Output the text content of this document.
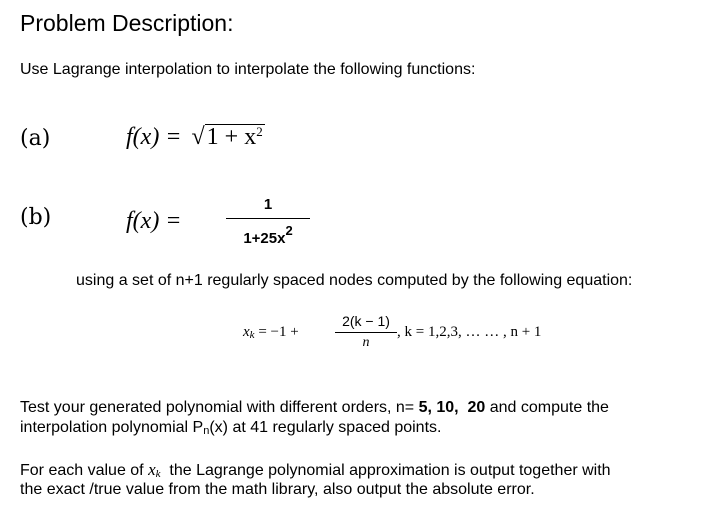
Problem Description:
Use Lagrange interpolation to interpolate the following functions:
(a)	$f(x) = √1 + x^2$
(b)	f(x) =
1
$1+25x^2$
using a set of n+1 regularly spaced nodes computed by the following equation:
$x_k = -1$ +
2(k − 1)
n
, k = 1,2,3, … … , n + 1
Test your generated polynomial with different orders, n= 5, 10, 20 and compute the
interpolation polynomial $P_n(x)$ at 41 regularly spaced points.
For each value of $x_k$  the Lagrange polynomial approximation is output together with
the exact /true value from the math library, also output the absolute error.
